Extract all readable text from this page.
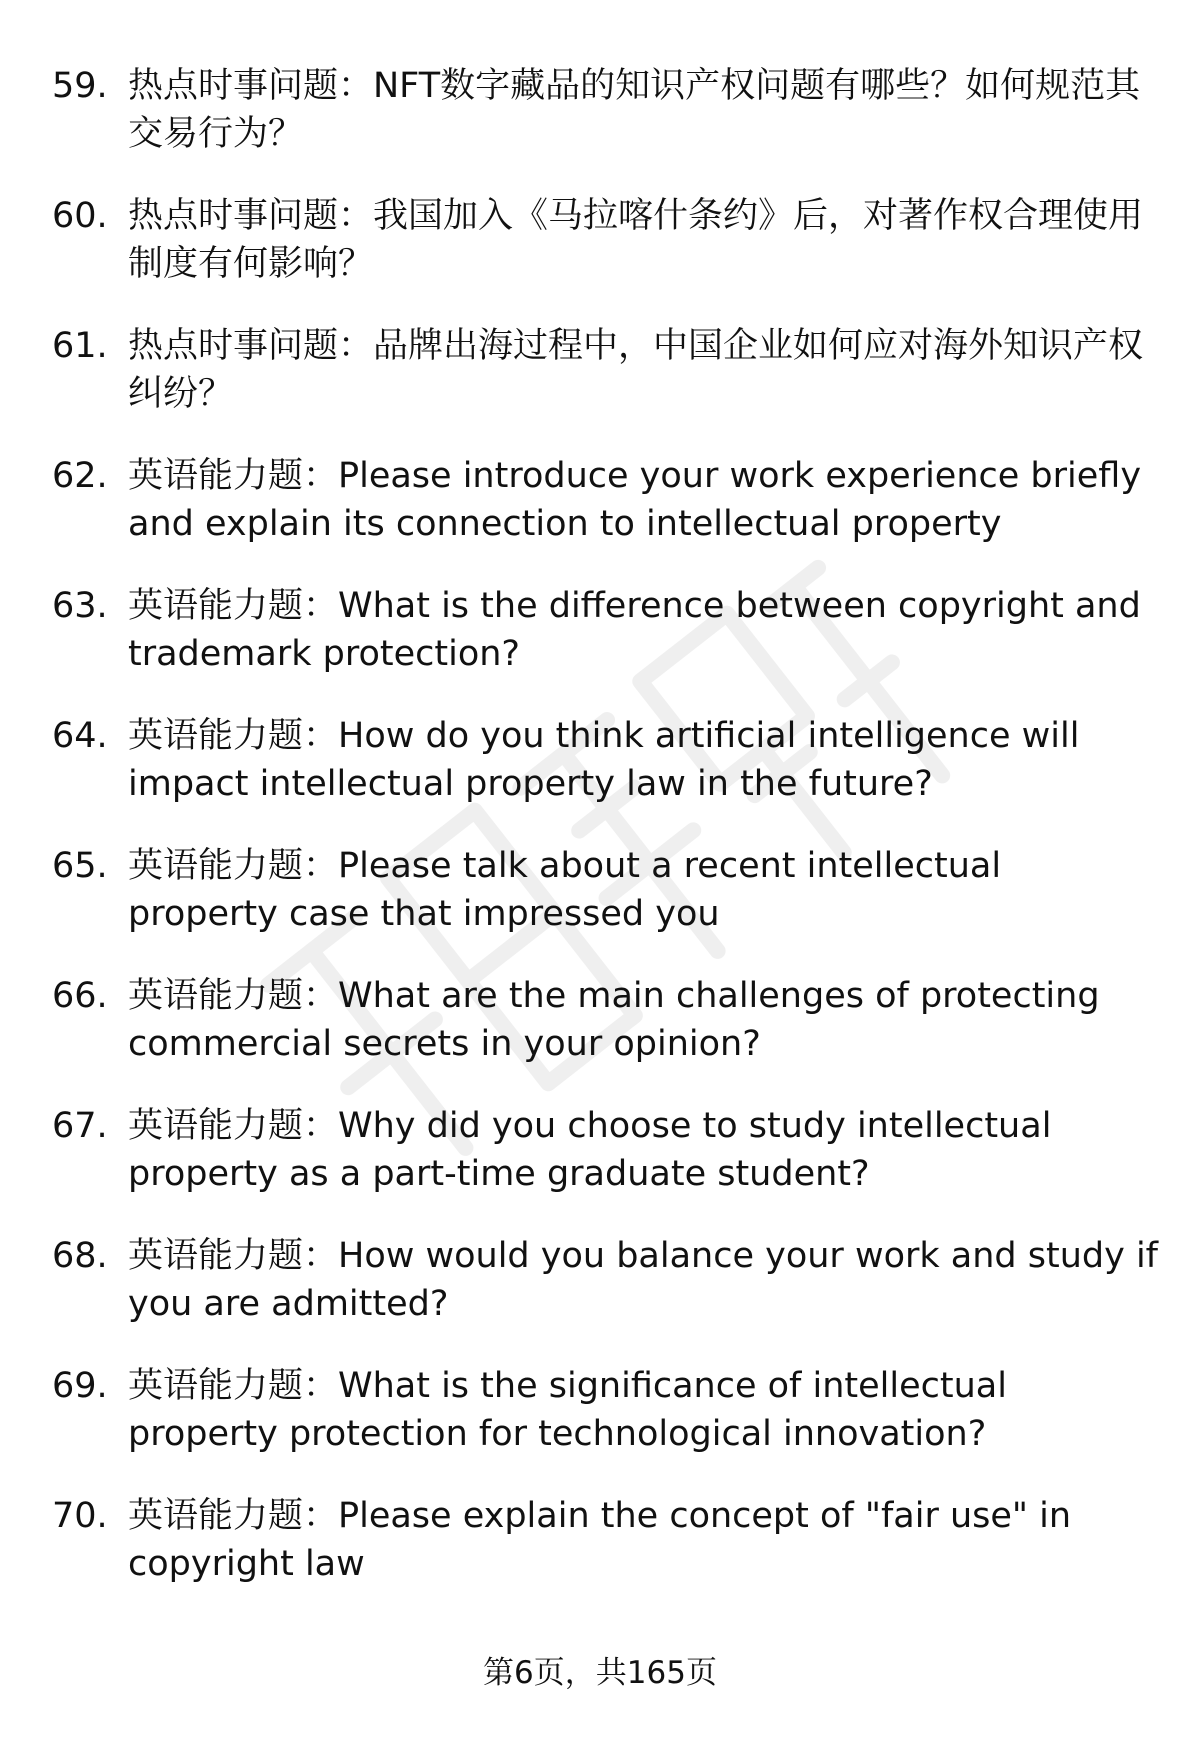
59. 热点时事问题：NFT数字藏品的知识产权问题有哪些？如何规范其交易行为？
60. 热点时事问题：我国加入《马拉喀什条约》后，对著作权合理使用制度有何影响？
61. 热点时事问题：品牌出海过程中，中国企业如何应对海外知识产权纠纷？
62. 英语能力题：Please introduce your work experience briefly and explain its connection to intellectual property
63. 英语能力题：What is the difference between copyright and trademark protection?
64. 英语能力题：How do you think artificial intelligence will impact intellectual property law in the future?
65. 英语能力题：Please talk about a recent intellectual property case that impressed you
66. 英语能力题：What are the main challenges of protecting commercial secrets in your opinion?
67. 英语能力题：Why did you choose to study intellectual property as a part-time graduate student?
68. 英语能力题：How would you balance your work and study if you are admitted?
69. 英语能力题：What is the significance of intellectual property protection for technological innovation?
70. 英语能力题：Please explain the concept of "fair use" in copyright law
第6页，共165页
